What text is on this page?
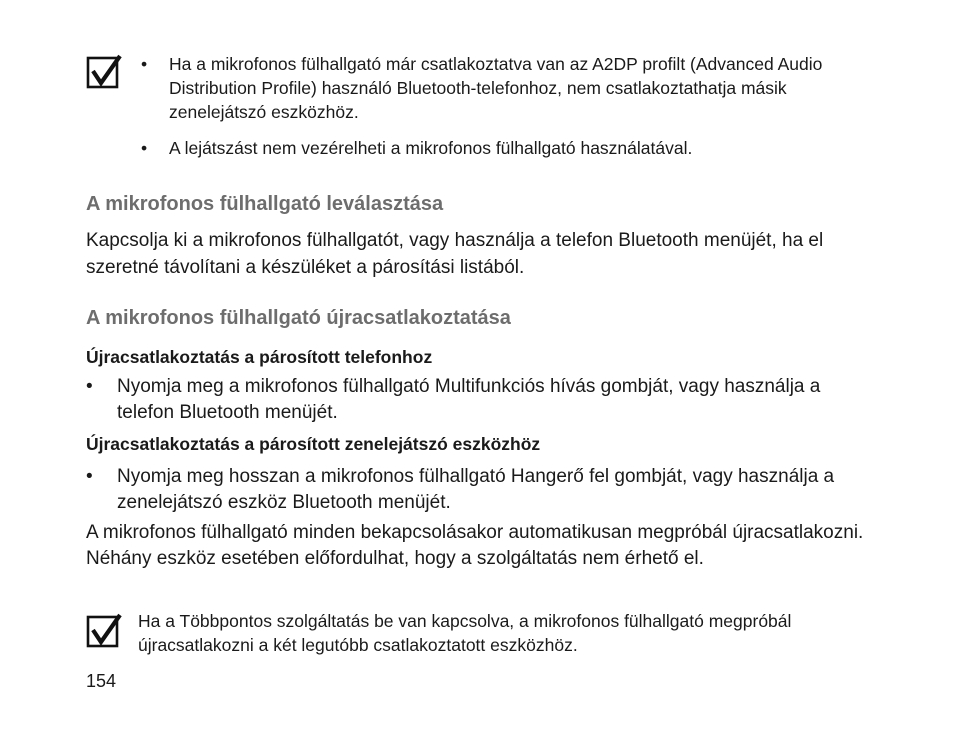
• Ha a mikrofonos fülhallgató már csatlakoztatva van az A2DP profilt (Advanced Audio Distribution Profile) használó Bluetooth-telefonhoz, nem csatlakoztathatja másik zenelejátszó eszközhöz.
• A lejátszást nem vezérelheti a mikrofonos fülhallgató használatával.
A mikrofonos fülhallgató leválasztása
Kapcsolja ki a mikrofonos fülhallgatót, vagy használja a telefon Bluetooth menüjét, ha el szeretné távolítani a készüléket a párosítási listából.
A mikrofonos fülhallgató újracsatlakoztatása
Újracsatlakoztatás a párosított telefonhoz
• Nyomja meg a mikrofonos fülhallgató Multifunkciós hívás gombját, vagy használja a telefon Bluetooth menüjét.
Újracsatlakoztatás a párosított zenelejátszó eszközhöz
• Nyomja meg hosszan a mikrofonos fülhallgató Hangerő fel gombját, vagy használja a zenelejátszó eszköz Bluetooth menüjét.
A mikrofonos fülhallgató minden bekapcsolásakor automatikusan megpróbál újracsatlakozni. Néhány eszköz esetében előfordulhat, hogy a szolgáltatás nem érhető el.
Ha a Többpontos szolgáltatás be van kapcsolva, a mikrofonos fülhallgató megpróbál újracsatlakozni a két legutóbb csatlakoztatott eszközhöz.
154
